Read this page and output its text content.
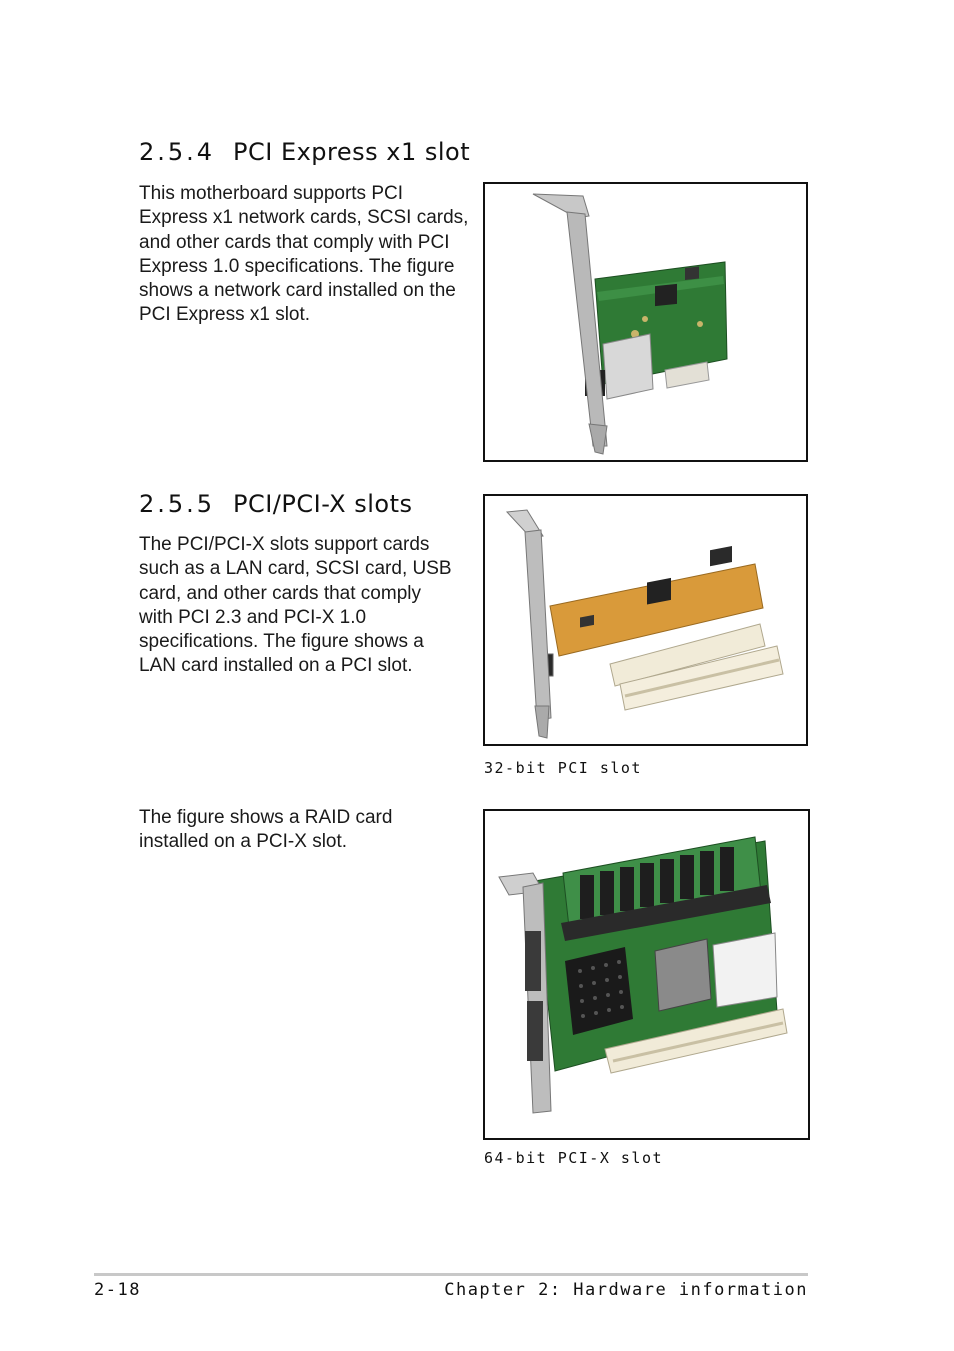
2.5.4 PCI Express x1 slot
This motherboard supports PCI
Express x1 network cards, SCSI cards,
and other cards that comply with PCI
Express 1.0 specifications. The figure
shows a network card installed on the
PCI Express x1 slot.
2.5.5 PCI/PCI-X slots
The PCI/PCI-X slots support cards
such as a LAN card, SCSI card, USB
card, and other cards that comply
with PCI 2.3 and PCI-X 1.0
specifications. The figure shows a
LAN card installed on a PCI slot.
32-bit PCI slot
The figure shows a RAID card
installed on a PCI-X slot.
64-bit PCI-X slot
2-18	Chapter 2: Hardware information
